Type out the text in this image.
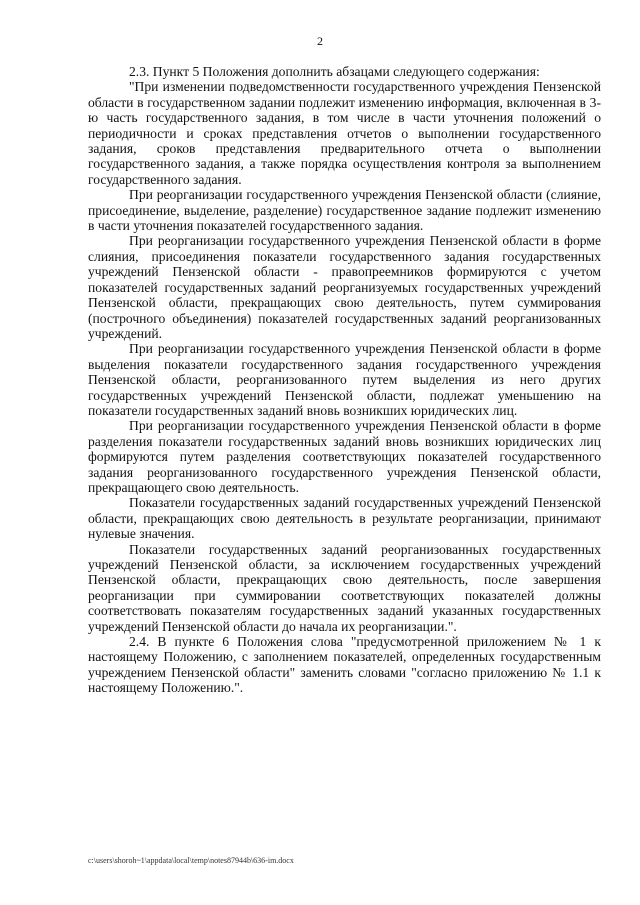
2

2.3. Пункт 5 Положения дополнить абзацами следующего содержания:

"При изменении подведомственности государственного учреждения Пензенской области в государственном задании подлежит изменению информация, включенная в 3-ю часть государственного задания, в том числе в части уточнения положений о периодичности и сроках представления отчетов о выполнении государственного задания, сроков представления предварительного отчета о выполнении государственного задания, а также порядка осуществления контроля за выполнением государственного задания.

При реорганизации государственного учреждения Пензенской области (слияние, присоединение, выделение, разделение) государственное задание подлежит изменению в части уточнения показателей государственного задания.

При реорганизации государственного учреждения Пензенской области в форме слияния, присоединения показатели государственного задания государственных учреждений Пензенской области - правопреемников формируются с учетом показателей государственных заданий реорганизуемых государственных учреждений Пензенской области, прекращающих свою деятельность, путем суммирования (построчного объединения) показателей государственных заданий реорганизованных учреждений.

При реорганизации государственного учреждения Пензенской области в форме выделения показатели государственного задания государственного учреждения Пензенской области, реорганизованного путем выделения из него других государственных учреждений Пензенской области, подлежат уменьшению на показатели государственных заданий вновь возникших юридических лиц.

При реорганизации государственного учреждения Пензенской области в форме разделения показатели государственных заданий вновь возникших юридических лиц формируются путем разделения соответствующих показателей государственного задания реорганизованного государственного учреждения Пензенской области, прекращающего свою деятельность.

Показатели государственных заданий государственных учреждений Пензенской области, прекращающих свою деятельность в результате реорганизации, принимают нулевые значения.

Показатели государственных заданий реорганизованных государственных учреждений Пензенской области, за исключением государственных учреждений Пензенской области, прекращающих свою деятельность, после завершения реорганизации при суммировании соответствующих показателей должны соответствовать показателям государственных заданий указанных государственных учреждений Пензенской области до начала их реорганизации.".

2.4. В пункте 6 Положения слова "предусмотренной приложением № 1 к настоящему Положению, с заполнением показателей, определенных государственным учреждением Пензенской области" заменить словами "согласно приложению № 1.1 к настоящему Положению.".

c:\users\shoroh~1\appdata\local\temp\notes87944b\636-im.docx
